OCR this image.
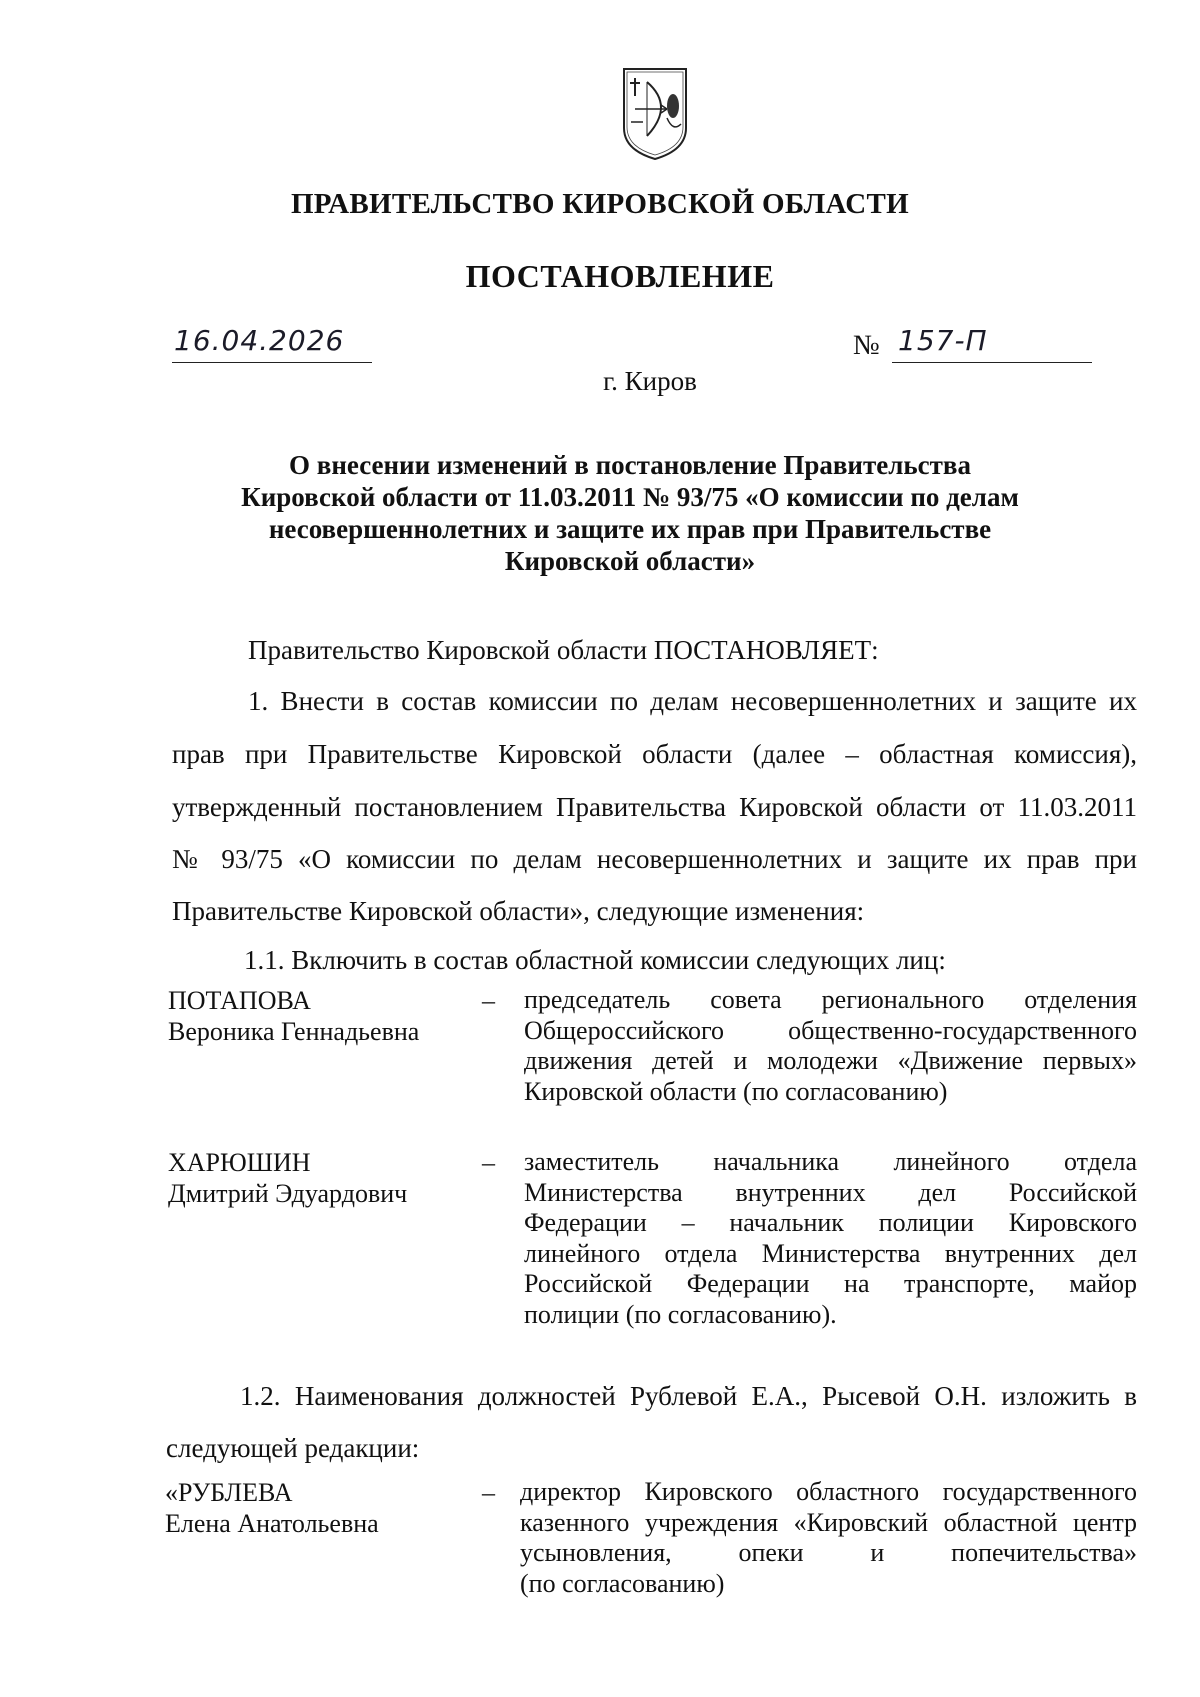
ПРАВИТЕЛЬСТВО КИРОВСКОЙ ОБЛАСТИ
ПОСТАНОВЛЕНИЕ
16.04.2026	№ 157-П
г. Киров
О внесении изменений в постановление Правительства
Кировской области от 11.03.2011 № 93/75 «О комиссии по делам
несовершеннолетних и защите их прав при Правительстве
Кировской области»
Правительство Кировской области ПОСТАНОВЛЯЕТ:
1. Внести в состав комиссии по делам несовершеннолетних и защите их
прав при Правительстве Кировской области (далее – областная комиссия),
утвержденный постановлением Правительства Кировской области от 11.03.2011
№ 93/75 «О комиссии по делам несовершеннолетних и защите их прав при
Правительстве Кировской области», следующие изменения:
1.1. Включить в состав областной комиссии следующих лиц:
ПОТАПОВА
Вероника Геннадьевна
– председатель совета регионального отделения
Общероссийского общественно-государственного
движения детей и молодежи «Движение первых»
Кировской области (по согласованию)
ХАРЮШИН
Дмитрий Эдуардович
– заместитель начальника линейного отдела
Министерства внутренних дел Российской
Федерации – начальник полиции Кировского
линейного отдела Министерства внутренних дел
Российской Федерации на транспорте, майор
полиции (по согласованию).
1.2. Наименования должностей Рублевой Е.А., Рысевой О.Н. изложить в
следующей редакции:
«РУБЛЕВА
Елена Анатольевна
– директор Кировского областного государственного
казенного учреждения «Кировский областной центр
усыновления, опеки и попечительства»
(по согласованию)
